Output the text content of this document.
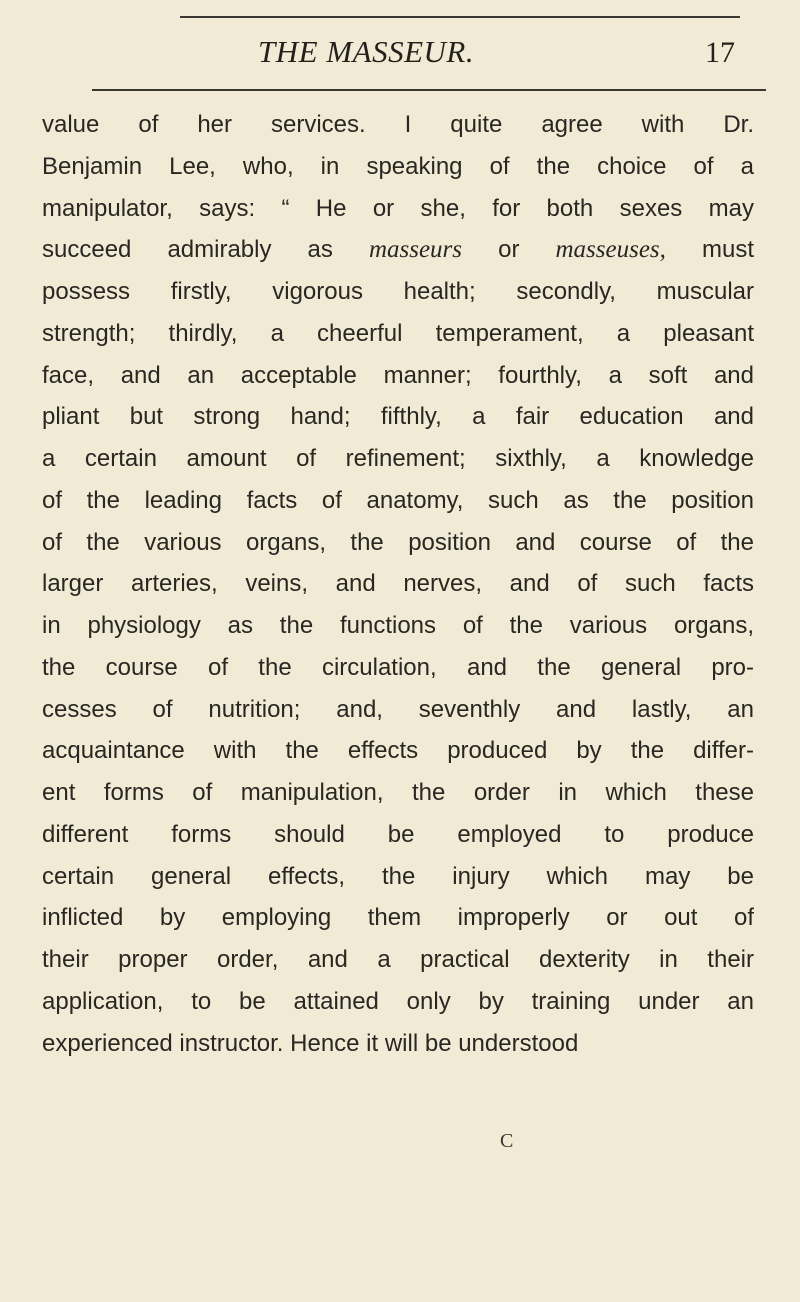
THE MASSEUR.	17
value of her services. I quite agree with Dr.
Benjamin Lee, who, in speaking of the choice of a
manipulator, says: “ He or she, for both sexes may
succeed admirably as masseurs or masseuses, must
possess firstly, vigorous health; secondly, muscular
strength; thirdly, a cheerful temperament, a pleasant
face, and an acceptable manner; fourthly, a soft and
pliant but strong hand; fifthly, a fair education and
a certain amount of refinement; sixthly, a knowledge
of the leading facts of anatomy, such as the position
of the various organs, the position and course of the
larger arteries, veins, and nerves, and of such facts
in physiology as the functions of the various organs,
the course of the circulation, and the general pro-
cesses of nutrition; and, seventhly and lastly, an
acquaintance with the effects produced by the differ-
ent forms of manipulation, the order in which these
different forms should be employed to produce
certain general effects, the injury which may be
inflicted by employing them improperly or out of
their proper order, and a practical dexterity in their
application, to be attained only by training under an
experienced instructor. Hence it will be understood
C
